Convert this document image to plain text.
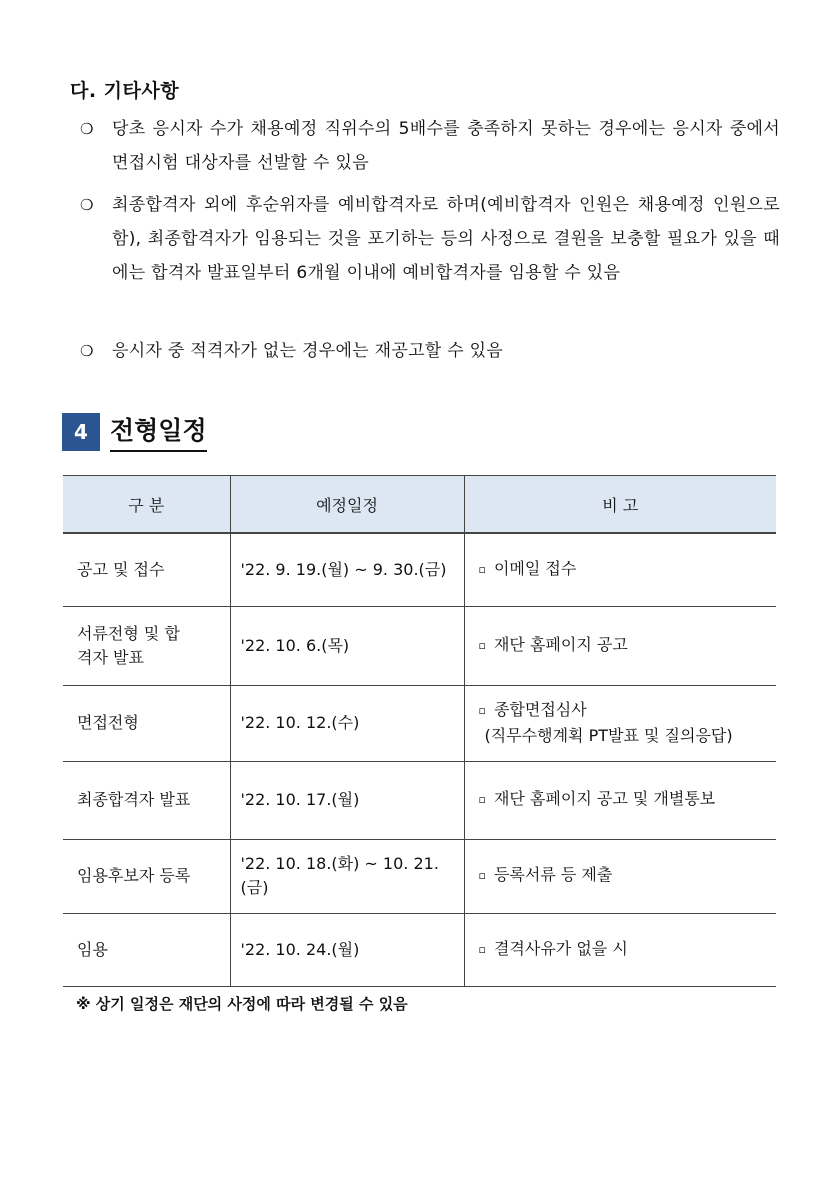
다. 기타사항
❍	당초 응시자 수가 채용예정 직위수의 5배수를 충족하지 못하는 경우에는 응시자 중에서 면접시험 대상자를 선발할 수 있음
❍	최종합격자 외에 후순위자를 예비합격자로 하며(예비합격자 인원은 채용예정 인원으로 함), 최종합격자가 임용되는 것을 포기하는 등의 사정으로 결원을 보충할 필요가 있을 때에는 합격자 발표일부터 6개월 이내에 예비합격자를 임용할 수 있음
❍	응시자 중 적격자가 없는 경우에는 재공고할 수 있음
4 전형일정
구 분	예정일정	비 고
공고 및 접수	'22. 9. 19.(월) ~ 9. 30.(금)	▫ 이메일 접수
서류전형 및 합격자 발표	'22. 10. 6.(목)	▫ 재단 홈페이지 공고
면접전형	'22. 10. 12.(수)	▫ 종합면접심사
(직무수행계획 PT발표 및 질의응답)

최종합격자 발표	'22. 10. 17.(월)	▫ 재단 홈페이지 공고 및 개별통보
임용후보자 등록	'22. 10. 18.(화) ~ 10. 21.(금)	▫ 등록서류 등 제출
임용	'22. 10. 24.(월)	▫ 결격사유가 없을 시
※ 상기 일정은 재단의 사정에 따라 변경될 수 있음
